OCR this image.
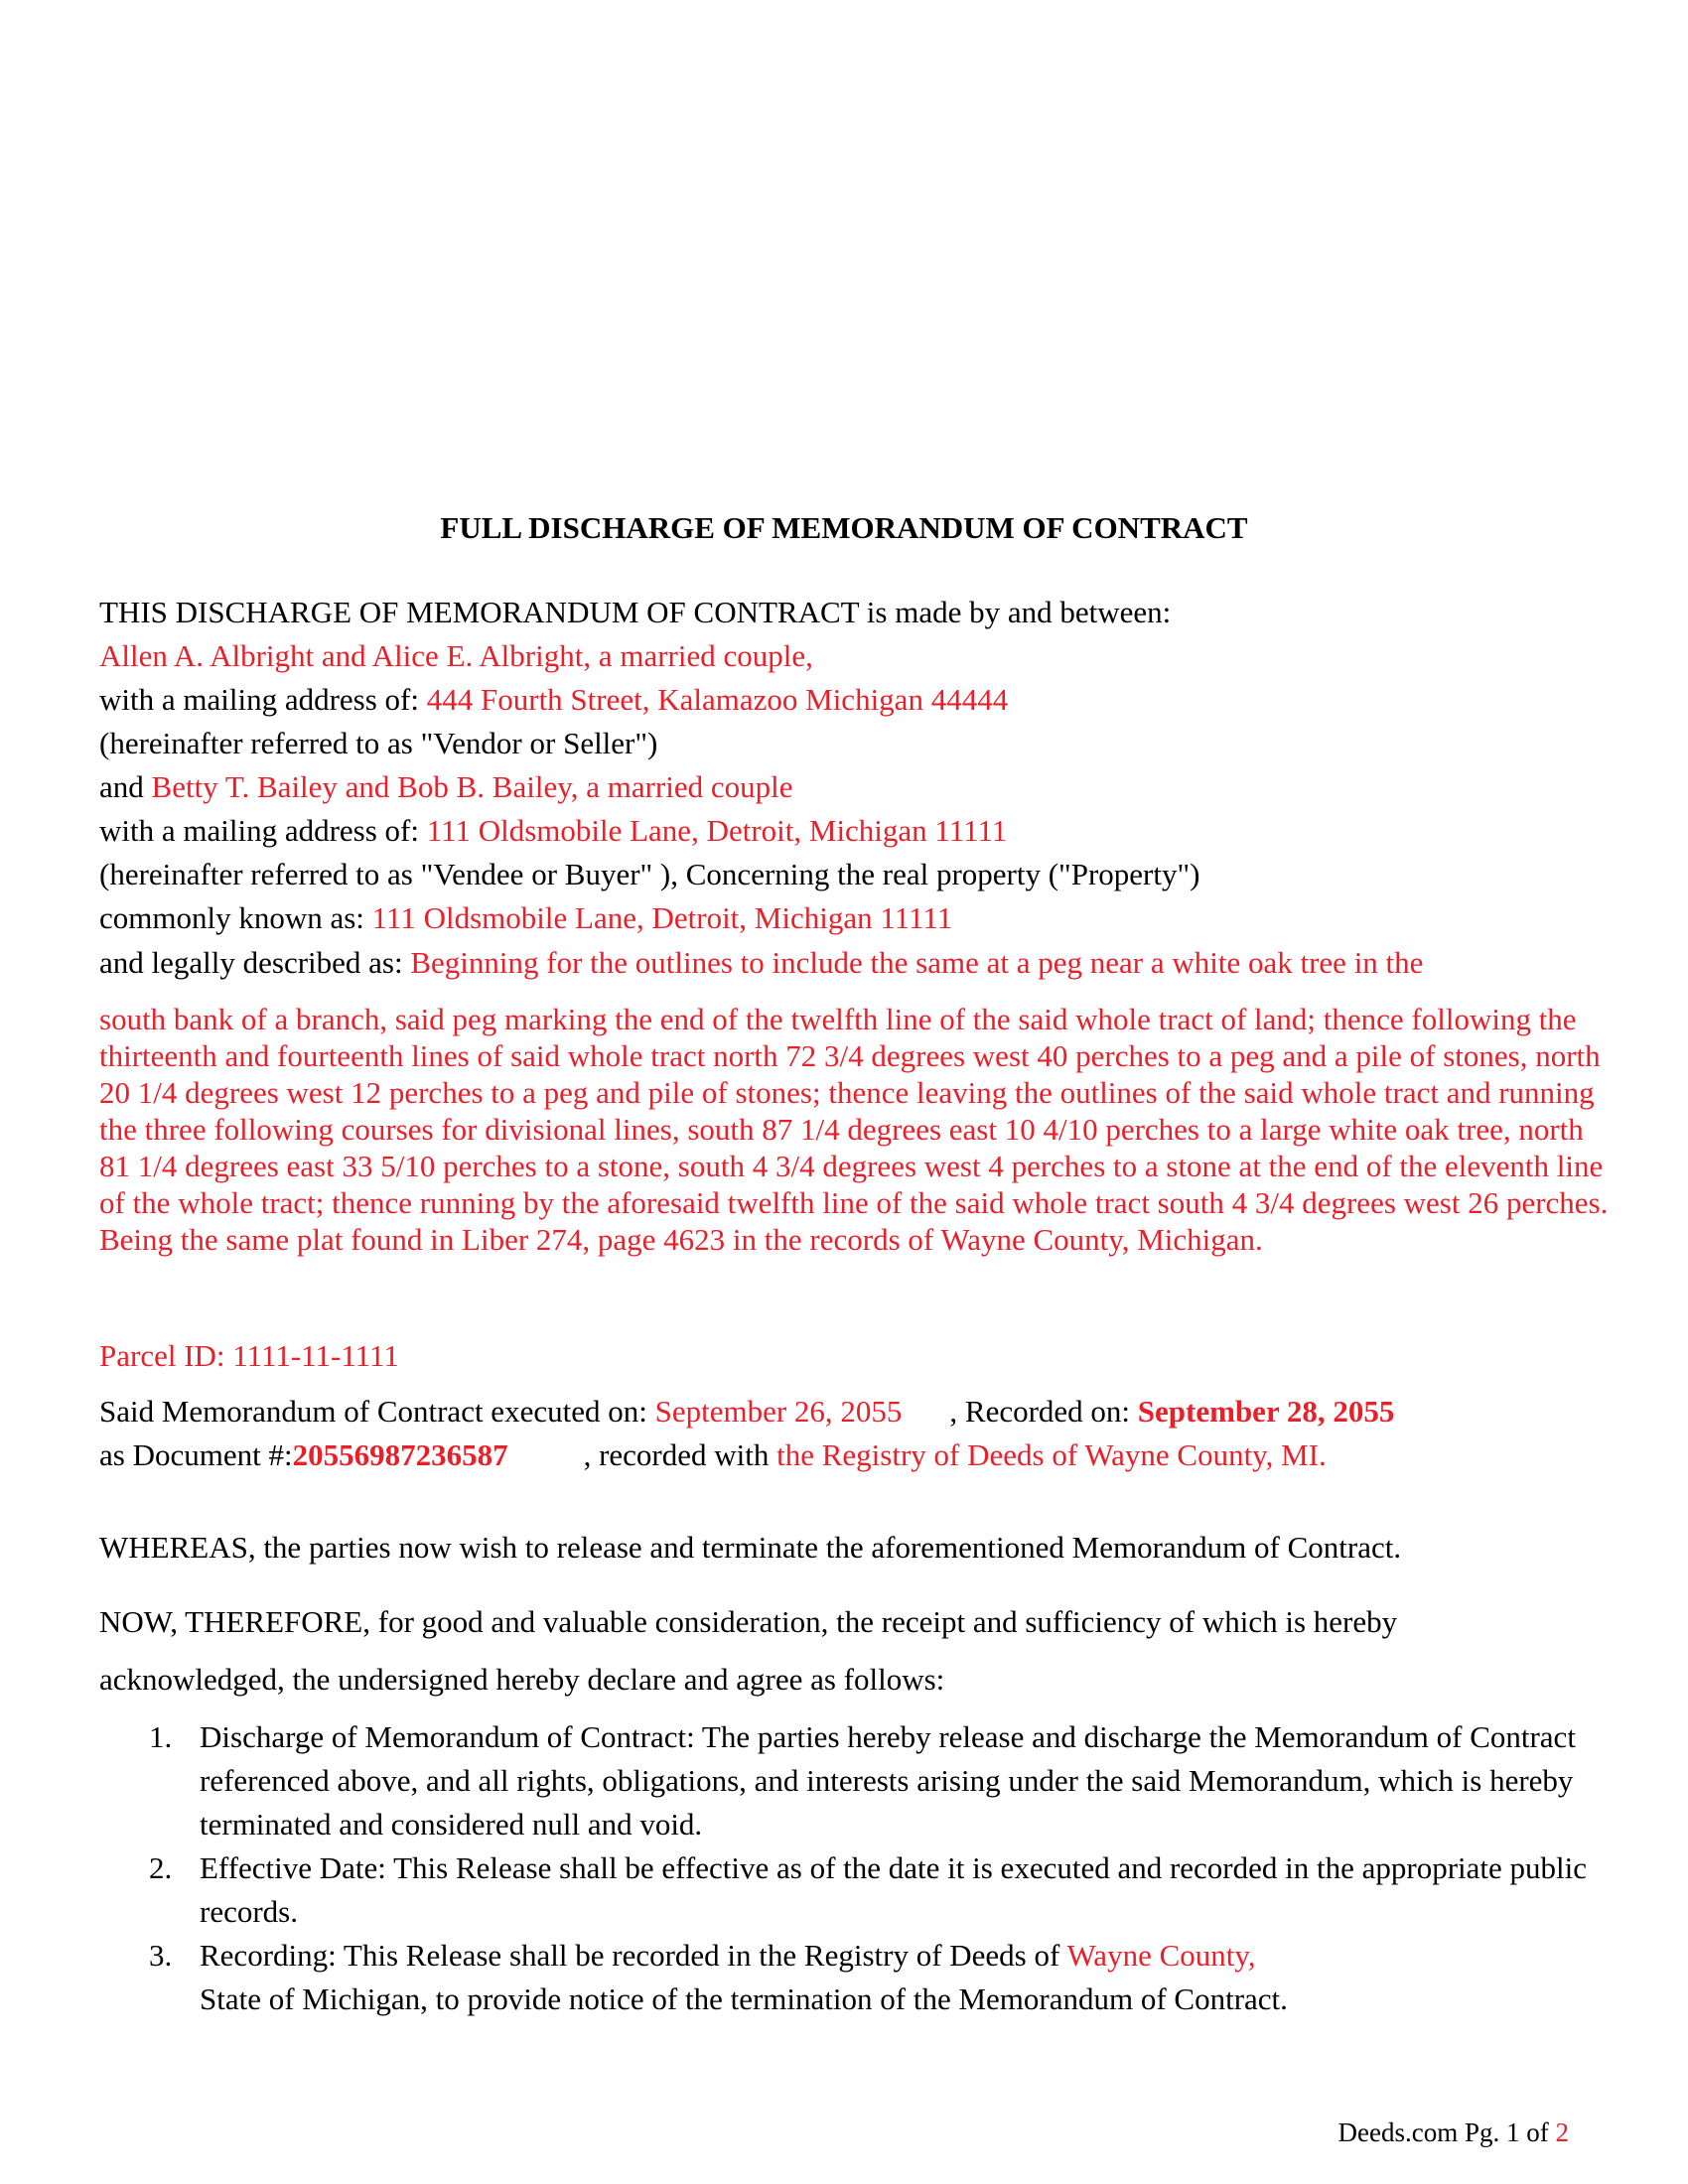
FULL DISCHARGE OF MEMORANDUM OF CONTRACT

THIS DISCHARGE OF MEMORANDUM OF CONTRACT is made by and between:

Allen A. Albright and Alice E. Albright, a married couple,

with a mailing address of: 444 Fourth Street, Kalamazoo Michigan 44444

(hereinafter referred to as "Vendor or Seller")

and Betty T. Bailey and Bob B. Bailey, a married couple

with a mailing address of: 111 Oldsmobile Lane, Detroit, Michigan 11111

(hereinafter referred to as "Vendee or Buyer" ), Concerning the real property ("Property")

commonly known as: 111 Oldsmobile Lane, Detroit, Michigan 11111

and legally described as: Beginning for the outlines to include the same at a peg near a white oak tree in the

south bank of a branch, said peg marking the end of the twelfth line of the said whole tract of land; thence following the thirteenth and fourteenth lines of said whole tract north 72 3/4 degrees west 40 perches to a peg and a pile of stones, north 20 1/4 degrees west 12 perches to a peg and pile of stones; thence leaving the outlines of the said whole tract and running the three following courses for divisional lines, south 87 1/4 degrees east 10 4/10 perches to a large white oak tree, north 81 1/4 degrees east 33 5/10 perches to a stone, south 4 3/4 degrees west 4 perches to a stone at the end of the eleventh line of the whole tract; thence running by the aforesaid twelfth line of the said whole tract south 4 3/4 degrees west 26 perches. Being the same plat found in Liber 274, page 4623 in the records of Wayne County, Michigan.

Parcel ID: 1111-11-1111

Said Memorandum of Contract executed on: September 26, 2055 , Recorded on: September 28, 2055

as Document #:20556987236587 , recorded with the Registry of Deeds of Wayne County, MI.

WHEREAS, the parties now wish to release and terminate the aforementioned Memorandum of Contract.

NOW, THEREFORE, for good and valuable consideration, the receipt and sufficiency of which is hereby

acknowledged, the undersigned hereby declare and agree as follows:

1. Discharge of Memorandum of Contract: The parties hereby release and discharge the Memorandum of Contract referenced above, and all rights, obligations, and interests arising under the said Memorandum, which is hereby terminated and considered null and void.
2. Effective Date: This Release shall be effective as of the date it is executed and recorded in the appropriate public records.
3. Recording: This Release shall be recorded in the Registry of Deeds of Wayne County,
State of Michigan, to provide notice of the termination of the Memorandum of Contract.
Deeds.com Pg. 1 of 2
